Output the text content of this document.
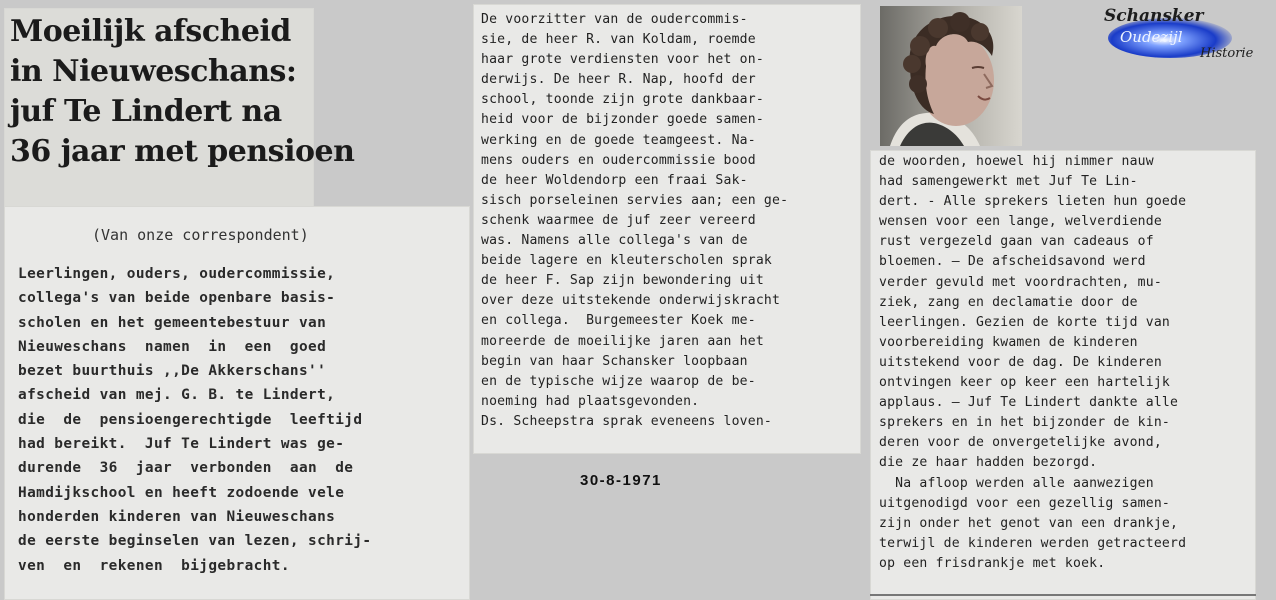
Moeilijk afscheid
in Nieuweschans:
juf Te Lindert na
36 jaar met pensioen
(Van onze correspondent)
Leerlingen, ouders, oudercommissie,
collega's van beide openbare basis-
scholen en het gemeentebestuur van
Nieuweschans  namen  in  een  goed
bezet buurthuis ,,De Akkerschans''
afscheid van mej. G. B. te Lindert,
die  de  pensioengerechtigde  leeftijd
had bereikt.  Juf Te Lindert was ge-
durende  36  jaar  verbonden  aan  de
Hamdijkschool en heeft zodoende vele
honderden kinderen van Nieuweschans
de eerste beginselen van lezen, schrij-
ven  en  rekenen  bijgebracht.
De voorzitter van de oudercommis-
sie, de heer R. van Koldam, roemde
haar grote verdiensten voor het on-
derwijs. De heer R. Nap, hoofd der
school, toonde zijn grote dankbaar-
heid voor de bijzonder goede samen-
werking en de goede teamgeest. Na-
mens ouders en oudercommissie bood
de heer Woldendorp een fraai Sak-
sisch porseleinen servies aan; een ge-
schenk waarmee de juf zeer vereerd
was. Namens alle collega's van de
beide lagere en kleuterscholen sprak
de heer F. Sap zijn bewondering uit
over deze uitstekende onderwijskracht
en collega.  Burgemeester Koek me-
moreerde de moeilijke jaren aan het
begin van haar Schansker loopbaan
en de typische wijze waarop de be-
noeming had plaatsgevonden.
Ds. Scheepstra sprak eveneens loven-
30-8-1971
de woorden, hoewel hij nimmer nauw
had samengewerkt met Juf Te Lin-
dert. - Alle sprekers lieten hun goede
wensen voor een lange, welverdiende
rust vergezeld gaan van cadeaus of
bloemen. — De afscheidsavond werd
verder gevuld met voordrachten, mu-
ziek, zang en declamatie door de
leerlingen. Gezien de korte tijd van
voorbereiding kwamen de kinderen
uitstekend voor de dag. De kinderen
ontvingen keer op keer een hartelijk
applaus. — Juf Te Lindert dankte alle
sprekers en in het bijzonder de kin-
deren voor de onvergetelijke avond,
die ze haar hadden bezorgd.
Na afloop werden alle aanwezigen
uitgenodigd voor een gezellig samen-
zijn onder het genot van een drankje,
terwijl de kinderen werden getracteerd
op een frisdrankje met koek.
Schansker
Oudezijl
Historie
